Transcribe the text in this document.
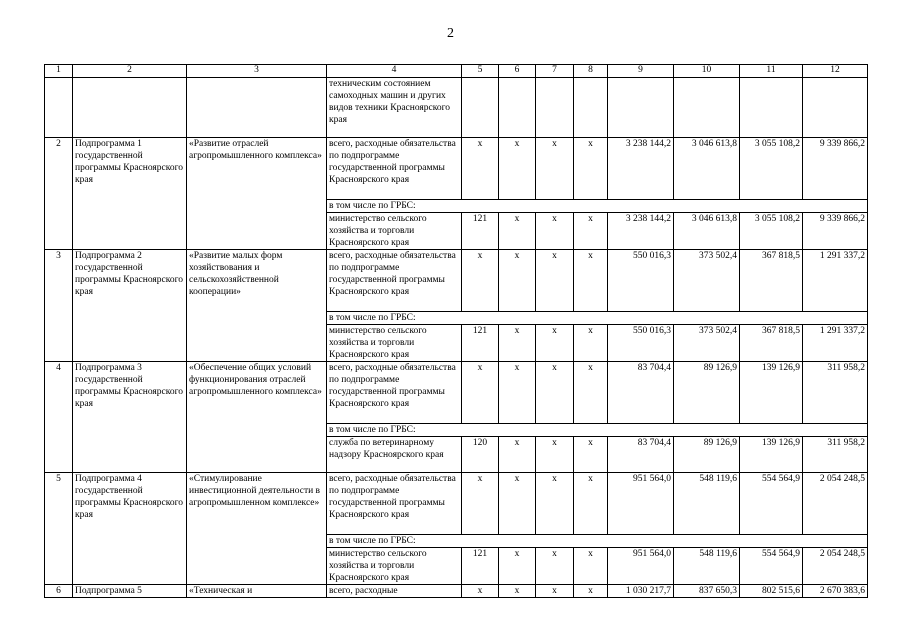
2
1	2	3	4	5	6	7	8	9	10	11	12
			техническим состоянием самоходных машин и других видов техники Красноярского края								
2	Подпрограмма 1 государственной программы Красноярского края	«Развитие отраслей агропромышленного комплекса»	всего, расходные обязательства по подпрограмме государственной программы Красноярского края	х	х	х	х	3 238 144,2	3 046 613,8	3 055 108,2	9 339 866,2
			в том числе по ГРБС:								
			министерство сельского хозяйства и торговли Красноярского края	121	х	х	х	3 238 144,2	3 046 613,8	3 055 108,2	9 339 866,2
3	Подпрограмма 2 государственной программы Красноярского края	«Развитие малых форм хозяйствования и сельскохозяйственной кооперации»	всего, расходные обязательства по подпрограмме государственной программы Красноярского края	х	х	х	х	550 016,3	373 502,4	367 818,5	1 291 337,2
			в том числе по ГРБС:								
			министерство сельского хозяйства и торговли Красноярского края	121	х	х	х	550 016,3	373 502,4	367 818,5	1 291 337,2
4	Подпрограмма 3 государственной программы Красноярского края	«Обеспечение общих условий функционирования отраслей агропромышленного комплекса»	всего, расходные обязательства по подпрограмме государственной программы Красноярского края	х	х	х	х	83 704,4	89 126,9	139 126,9	311 958,2
			в том числе по ГРБС:								
			служба по ветеринарному надзору Красноярского края	120	х	х	х	83 704,4	89 126,9	139 126,9	311 958,2
5	Подпрограмма 4 государственной программы Красноярского края	«Стимулирование инвестиционной деятельности в агропромышленном комплексе»	всего, расходные обязательства по подпрограмме государственной программы Красноярского края	х	х	х	х	951 564,0	548 119,6	554 564,9	2 054 248,5
			в том числе по ГРБС:								
			министерство сельского хозяйства и торговли Красноярского края	121	х	х	х	951 564,0	548 119,6	554 564,9	2 054 248,5
6	Подпрограмма 5	«Техническая и	всего, расходные	х	х	х	х	1 030 217,7	837 650,3	802 515,6	2 670 383,6
